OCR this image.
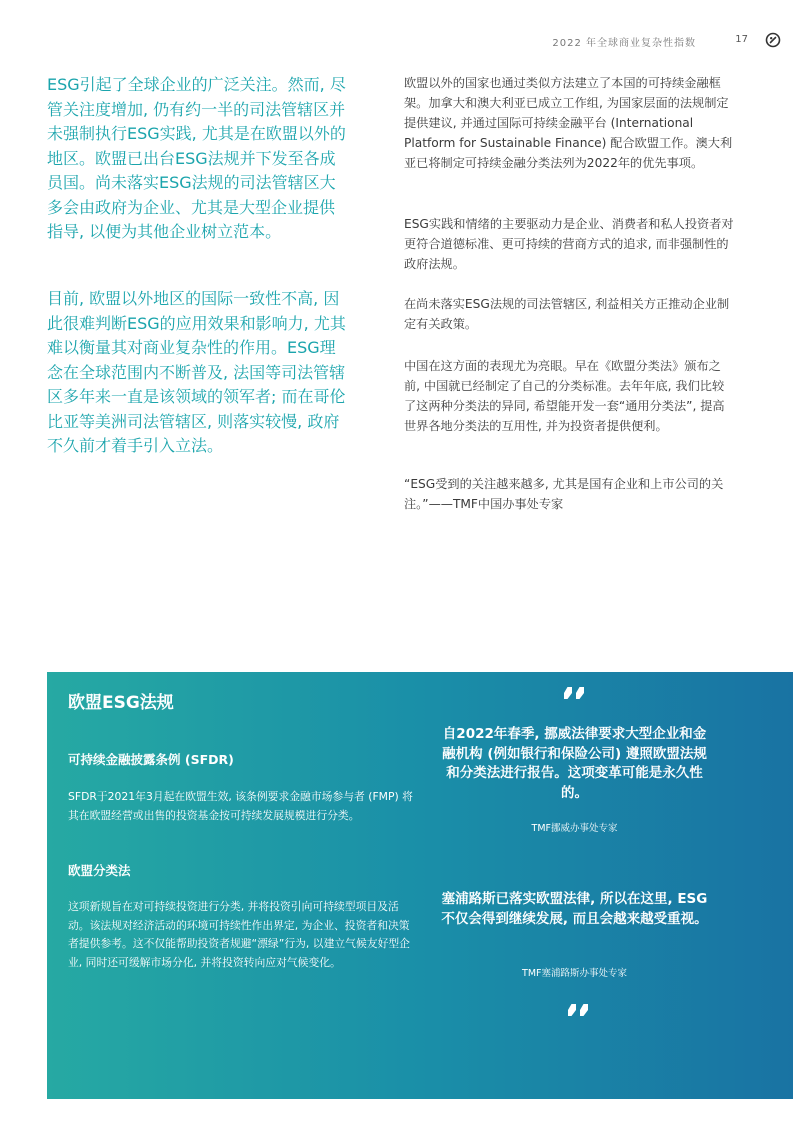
2022 年全球商业复杂性指数	17

ESG引起了全球企业的广泛关注。然而, 尽管关注度增加, 仍有约一半的司法管辖区并未强制执行ESG实践, 尤其是在欧盟以外的地区。欧盟已出台ESG法规并下发至各成员国。尚未落实ESG法规的司法管辖区大多会由政府为企业、尤其是大型企业提供指导, 以便为其他企业树立范本。

目前, 欧盟以外地区的国际一致性不高, 因此很难判断ESG的应用效果和影响力, 尤其难以衡量其对商业复杂性的作用。ESG理念在全球范围内不断普及, 法国等司法管辖区多年来一直是该领域的领军者; 而在哥伦比亚等美洲司法管辖区, 则落实较慢, 政府不久前才着手引入立法。

欧盟以外的国家也通过类似方法建立了本国的可持续金融框架。加拿大和澳大利亚已成立工作组, 为国家层面的法规制定提供建议, 并通过国际可持续金融平台 (International Platform for Sustainable Finance) 配合欧盟工作。澳大利亚已将制定可持续金融分类法列为2022年的优先事项。

ESG实践和情绪的主要驱动力是企业、消费者和私人投资者对更符合道德标准、更可持续的营商方式的追求, 而非强制性的政府法规。

在尚未落实ESG法规的司法管辖区, 利益相关方正推动企业制定有关政策。

中国在这方面的表现尤为亮眼。早在《欧盟分类法》颁布之前, 中国就已经制定了自己的分类标准。去年年底, 我们比较了这两种分类法的异同, 希望能开发一套“通用分类法”, 提高世界各地分类法的互用性, 并为投资者提供便利。

“ESG受到的关注越来越多, 尤其是国有企业和上市公司的关注。”——TMF中国办事处专家

欧盟ESG法规
可持续金融披露条例 (SFDR)

SFDR于2021年3月起在欧盟生效, 该条例要求金融市场参与者 (FMP) 将其在欧盟经营或出售的投资基金按可持续发展规模进行分类。

欧盟分类法

这项新规旨在对可持续投资进行分类, 并将投资引向可持续型项目及活动。该法规对经济活动的环境可持续性作出界定, 为企业、投资者和决策者提供参考。这不仅能帮助投资者规避“漂绿”行为, 以建立气候友好型企业, 同时还可缓解市场分化, 并将投资转向应对气候变化。

自2022年春季, 挪威法律要求大型企业和金融机构 (例如银行和保险公司) 遵照欧盟法规和分类法进行报告。这项变革可能是永久性的。

TMF挪威办事处专家

塞浦路斯已落实欧盟法律, 所以在这里, ESG不仅会得到继续发展, 而且会越来越受重视。

TMF塞浦路斯办事处专家
